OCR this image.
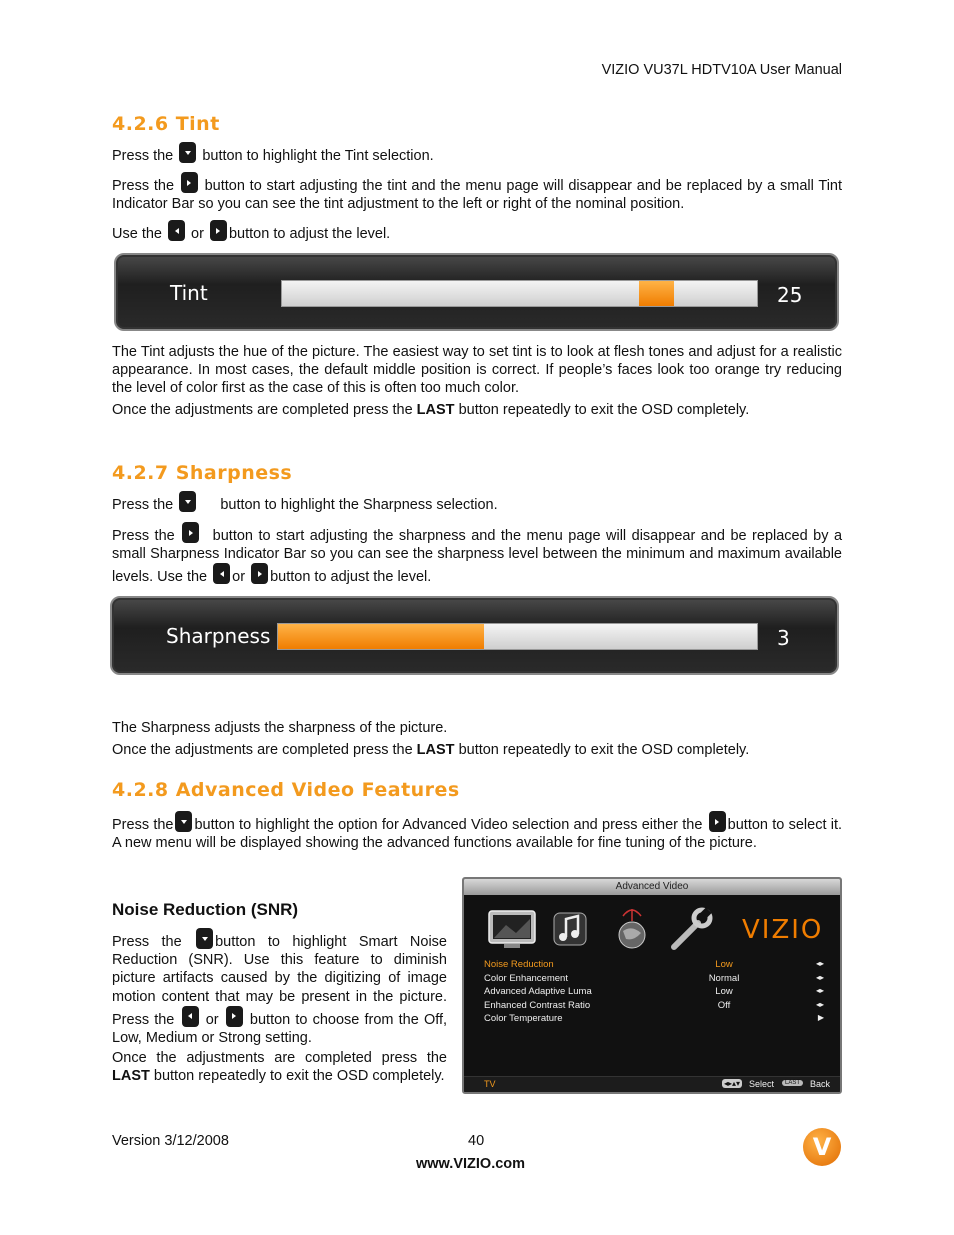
VIZIO VU37L HDTV10A User Manual
4.2.6 Tint
Press the button to highlight the Tint selection.
Press the button to start adjusting the tint and the menu page will disappear and be replaced by a small Tint Indicator Bar so you can see the tint adjustment to the left or right of the nominal position.
Use the or button to adjust the level.
Tint	25
The Tint adjusts the hue of the picture. The easiest way to set tint is to look at flesh tones and adjust for a realistic appearance. In most cases, the default middle position is correct. If people’s faces look too orange try reducing the level of color first as the case of this is often too much color.
Once the adjustments are completed press the LAST button repeatedly to exit the OSD completely.
4.2.7 Sharpness
Press the	button to highlight the Sharpness selection.
Press the	button to start adjusting the sharpness and the menu page will disappear and be replaced by a small Sharpness Indicator Bar so you can see the sharpness level between the minimum and maximum available levels. Use the or button to adjust the level.
Sharpness	3
The Sharpness adjusts the sharpness of the picture.
Once the adjustments are completed press the LAST button repeatedly to exit the OSD completely.
4.2.8 Advanced Video Features
Press the button to highlight the option for Advanced Video selection and press either the button to select it. A new menu will be displayed showing the advanced functions available for fine tuning of the picture.
Noise Reduction (SNR)
Press the button to highlight Smart Noise Reduction (SNR). Use this feature to diminish picture artifacts caused by the digitizing of image motion content that may be present in the picture. Press the or button to choose from the Off, Low, Medium or Strong setting.
Once the adjustments are completed press the LAST button repeatedly to exit the OSD completely.
Advanced Video
VIZIO
Noise Reduction	Low	◂▸
Color Enhancement	Normal	◂▸
Advanced Adaptive Luma	Low	◂▸
Enhanced Contrast Ratio	Off	◂▸
Color Temperature	▶
TV	◂▸▴▾ Select	LAST	Back
Version 3/12/2008	40
www.VIZIO.com
V
